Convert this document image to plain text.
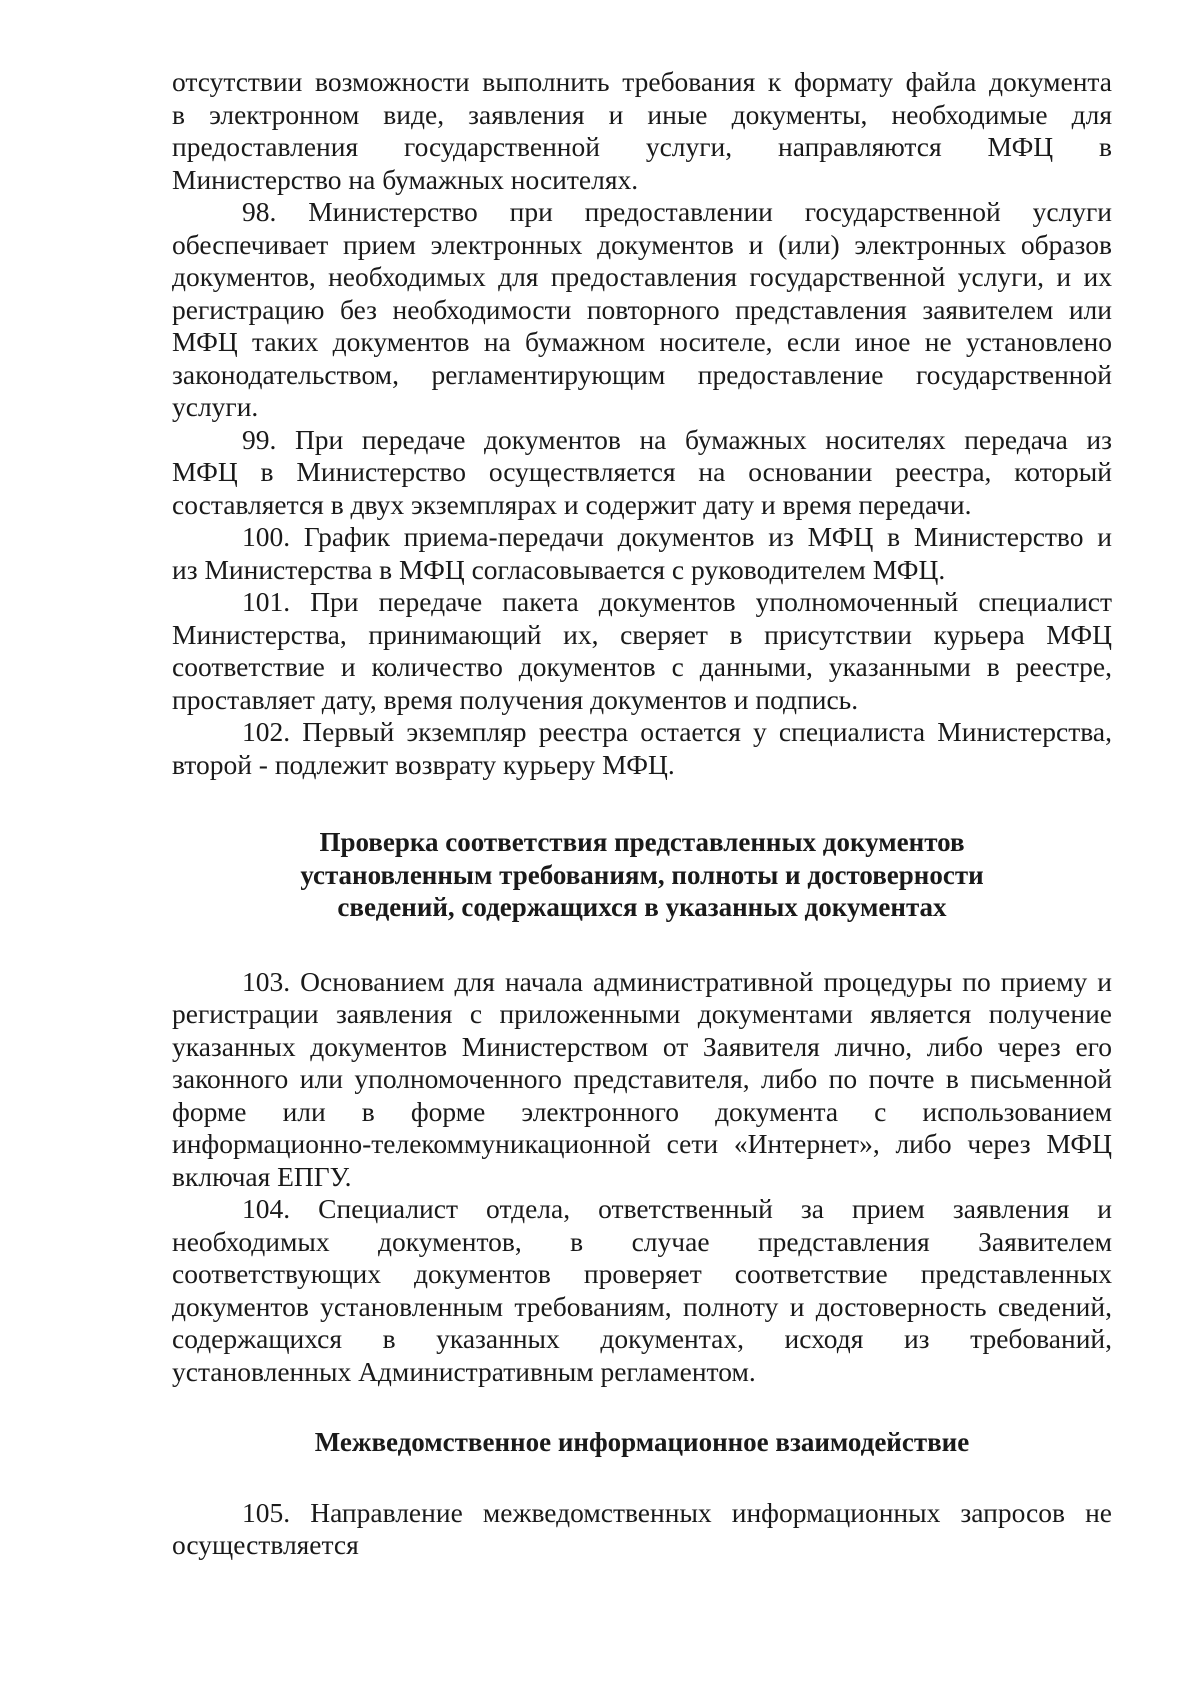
отсутствии возможности выполнить требования к формату файла документа

в электронном виде, заявления и иные документы, необходимые для

предоставления государственной услуги, направляются МФЦ в

Министерство на бумажных носителях.

98. Министерство при предоставлении государственной услуги

обеспечивает прием электронных документов и (или) электронных образов

документов, необходимых для предоставления государственной услуги, и их

регистрацию без необходимости повторного представления заявителем или

МФЦ таких документов на бумажном носителе, если иное не установлено

законодательством, регламентирующим предоставление государственной

услуги.

99. При передаче документов на бумажных носителях передача из

МФЦ в Министерство осуществляется на основании реестра, который

составляется в двух экземплярах и содержит дату и время передачи.

100. График приема-передачи документов из МФЦ в Министерство и

из Министерства в МФЦ согласовывается с руководителем МФЦ.

101. При передаче пакета документов уполномоченный специалист

Министерства, принимающий их, сверяет в присутствии курьера МФЦ

соответствие и количество документов с данными, указанными в реестре,

проставляет дату, время получения документов и подпись.

102. Первый экземпляр реестра остается у специалиста Министерства,

второй - подлежит возврату курьеру МФЦ.

Проверка соответствия представленных документов
установленным требованиям, полноты и достоверности
сведений, содержащихся в указанных документах

103. Основанием для начала административной процедуры по приему и

регистрации заявления с приложенными документами является получение

указанных документов Министерством от Заявителя лично, либо через его

законного или уполномоченного представителя, либо по почте в письменной

форме или в форме электронного документа с использованием

информационно-телекоммуникационной сети «Интернет», либо через МФЦ

включая ЕПГУ.

104. Специалист отдела, ответственный за прием заявления и

необходимых документов, в случае представления Заявителем

соответствующих документов проверяет соответствие представленных

документов установленным требованиям, полноту и достоверность сведений,

содержащихся в указанных документах, исходя из требований,

установленных Административным регламентом.

Межведомственное информационное взаимодействие

105. Направление межведомственных информационных запросов не

осуществляется
